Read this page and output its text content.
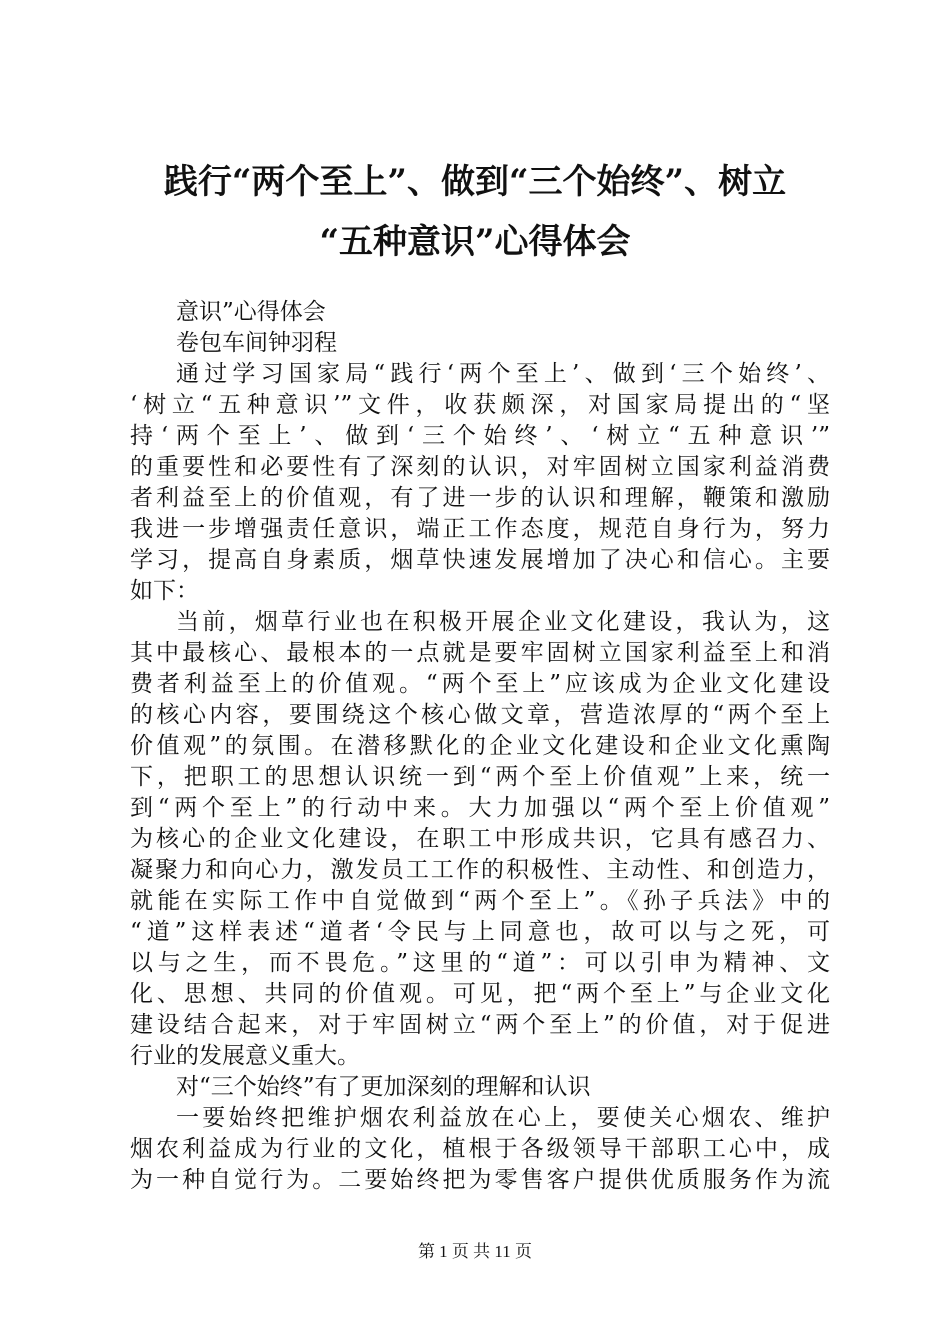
践行“两个至上”、做到“三个始终”、树立
“五种意识”心得体会
意识”心得体会
卷包车间钟羽程
通过学习国家局“践行‘两个至上’、做到‘三个始终’、
‘树立“五种意识’”文件，收获颇深，对国家局提出的“坚
持‘两个至上’、做到‘三个始终’、‘树立“五种意识’”
的重要性和必要性有了深刻的认识，对牢固树立国家利益消费
者利益至上的价值观，有了进一步的认识和理解，鞭策和激励
我进一步增强责任意识，端正工作态度，规范自身行为，努力
学习，提高自身素质，烟草快速发展增加了决心和信心。主要
如下：
当前，烟草行业也在积极开展企业文化建设，我认为，这
其中最核心、最根本的一点就是要牢固树立国家利益至上和消
费者利益至上的价值观。“两个至上”应该成为企业文化建设
的核心内容，要围绕这个核心做文章，营造浓厚的“两个至上
价值观”的氛围。在潜移默化的企业文化建设和企业文化熏陶
下，把职工的思想认识统一到“两个至上价值观”上来，统一
到“两个至上”的行动中来。大力加强以“两个至上价值观”
为核心的企业文化建设，在职工中形成共识，它具有感召力、
凝聚力和向心力，激发员工工作的积极性、主动性、和创造力，
就能在实际工作中自觉做到“两个至上”。《孙子兵法》中的
“道”这样表述“道者‘令民与上同意也，故可以与之死，可
以与之生，而不畏危。”这里的“道”：可以引申为精神、文
化、思想、共同的价值观。可见，把“两个至上”与企业文化
建设结合起来，对于牢固树立“两个至上”的价值，对于促进
行业的发展意义重大。
对“三个始终”有了更加深刻的理解和认识
一要始终把维护烟农利益放在心上，要使关心烟农、维护
烟农利益成为行业的文化，植根于各级领导干部职工心中，成
为一种自觉行为。二要始终把为零售客户提供优质服务作为流
第 1 页 共 11 页
